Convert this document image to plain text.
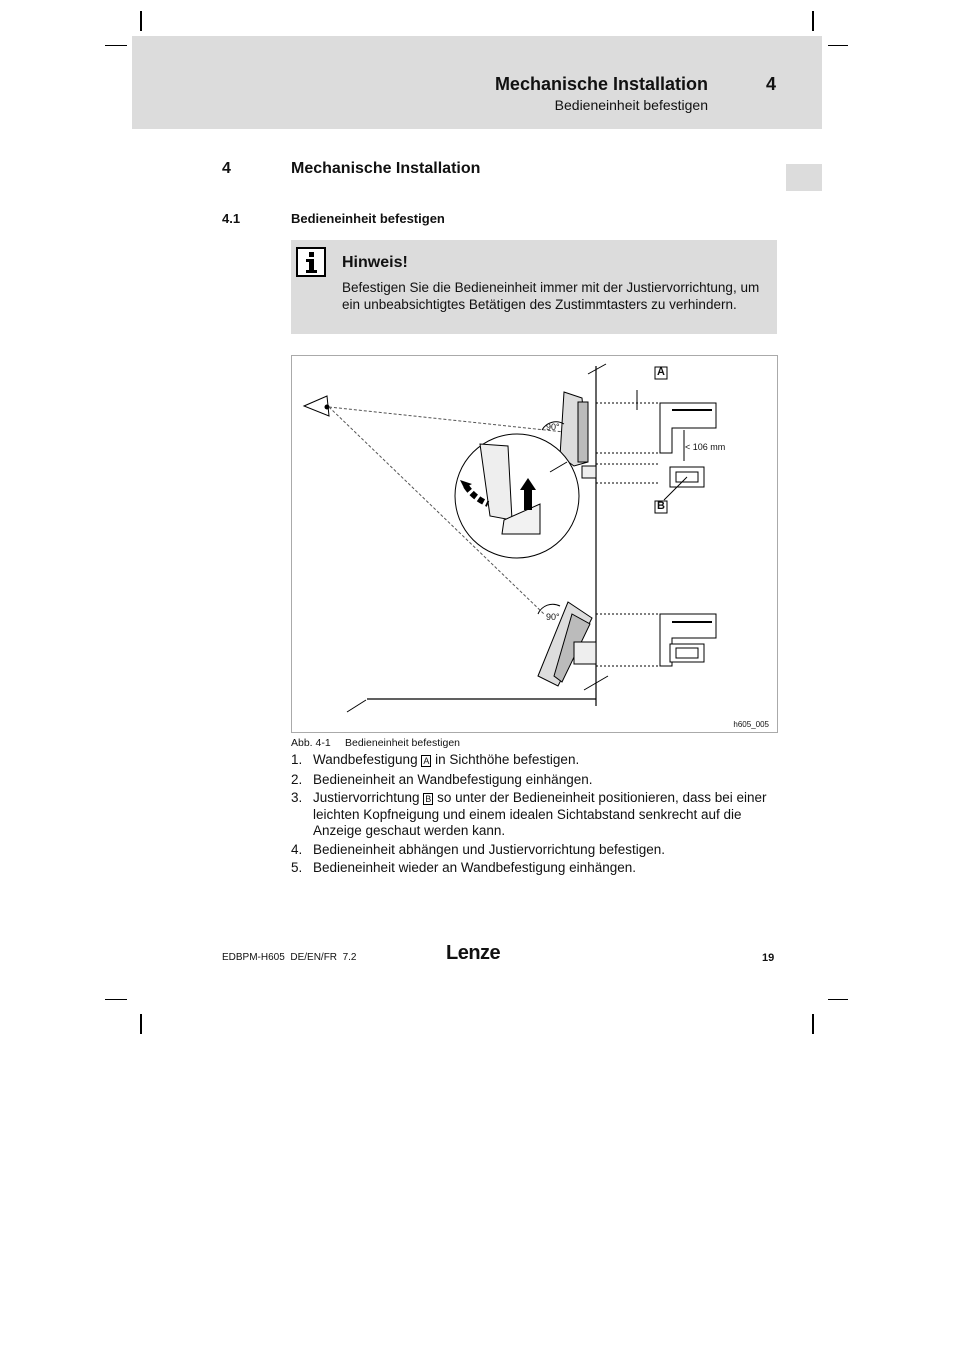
Mechanische Installation	4
Bedieneinheit befestigen
4	Mechanische Installation
4.1	Bedieneinheit befestigen
Hinweis!
Befestigen Sie die Bedieneinheit immer mit der Justiervorrichtung, um ein unbeabsichtigtes Betätigen des Zustimmtasters zu verhindern.
A
B
90°
90°
< 106 mm
h605_005
Abb. 4-1 Bedieneinheit befestigen
1. Wandbefestigung A in Sichthöhe befestigen.
2. Bedieneinheit an Wandbefestigung einhängen.
3. Justiervorrichtung B so unter der Bedieneinheit positionieren, dass bei einer leichten Kopfneigung und einem idealen Sichtabstand senkrecht auf die Anzeige geschaut werden kann.
4. Bedieneinheit abhängen und Justiervorrichtung befestigen.
5. Bedieneinheit wieder an Wandbefestigung einhängen.
EDBPM-H605  DE/EN/FR  7.2	Lenze	19
